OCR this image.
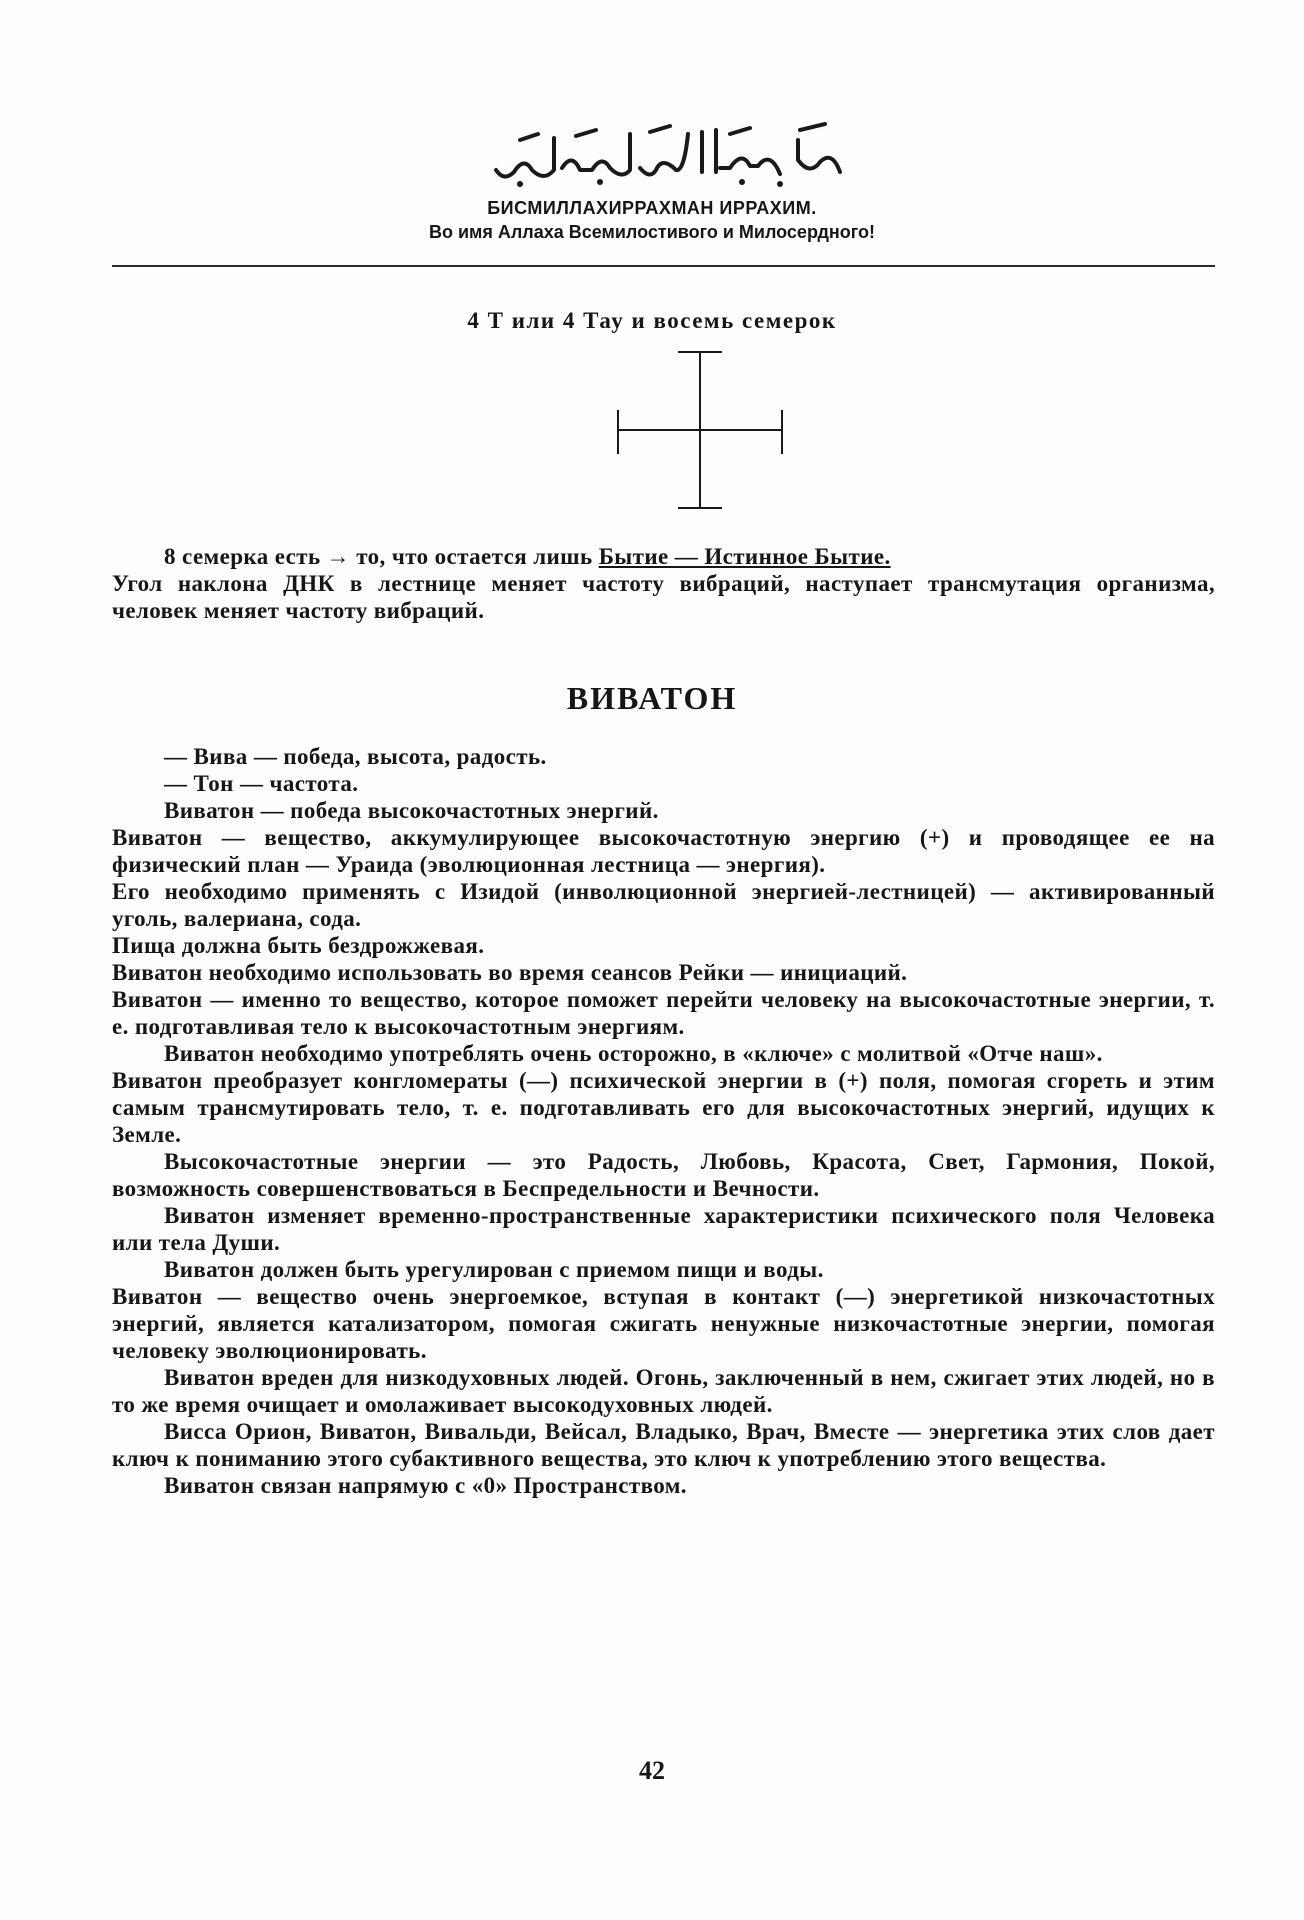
БИСМИЛЛАХИРРАХМАН ИРРАХИМ.
Во имя Аллаха Всемилостивого и Милосердного!
4 Т или 4 Тау и восемь семерок

8 семерка есть → то, что остается лишь Бытие — Истинное Бытие.

Угол наклона ДНК в лестнице меняет частоту вибраций, наступает трансмутация организма, человек меняет частоту вибраций.

ВИВАТОН

— Вива — победа, высота, радость.

— Тон — частота.

Виватон — победа высокочастотных энергий.

Виватон — вещество, аккумулирующее высокочастотную энергию (+) и проводящее ее на физический план — Ураида (эволюционная лестница — энергия).

Его необходимо применять с Изидой (инволюционной энергией-лестницей) — активированный уголь, валериана, сода.

Пища должна быть бездрожжевая.

Виватон необходимо использовать во время сеансов Рейки — инициаций.

Виватон — именно то вещество, которое поможет перейти человеку на высокочастотные энергии, т. е. подготавливая тело к высокочастотным энергиям.

Виватон необходимо употреблять очень осторожно, в «ключе» с молитвой «Отче наш».

Виватон преобразует конгломераты (—) психической энергии в (+) поля, помогая сгореть и этим самым трансмутировать тело, т. е. подготавливать его для высокочастотных энергий, идущих к Земле.

Высокочастотные энергии — это Радость, Любовь, Красота, Свет, Гармония, Покой, возможность совершенствоваться в Беспредельности и Вечности.

Виватон изменяет временно-пространственные характеристики психического поля Человека или тела Души.

Виватон должен быть урегулирован с приемом пищи и воды.

Виватон — вещество очень энергоемкое, вступая в контакт (—) энергетикой низкочастотных энергий, является катализатором, помогая сжигать ненужные низкочастотные энергии, помогая человеку эволюционировать.

Виватон вреден для низкодуховных людей. Огонь, заключенный в нем, сжигает этих людей, но в то же время очищает и омолаживает высокодуховных людей.

Висса Орион, Виватон, Вивальди, Вейсал, Владыко, Врач, Вместе — энергетика этих слов дает ключ к пониманию этого субактивного вещества, это ключ к употреблению этого вещества.

Виватон связан напрямую с «0» Пространством.

42
